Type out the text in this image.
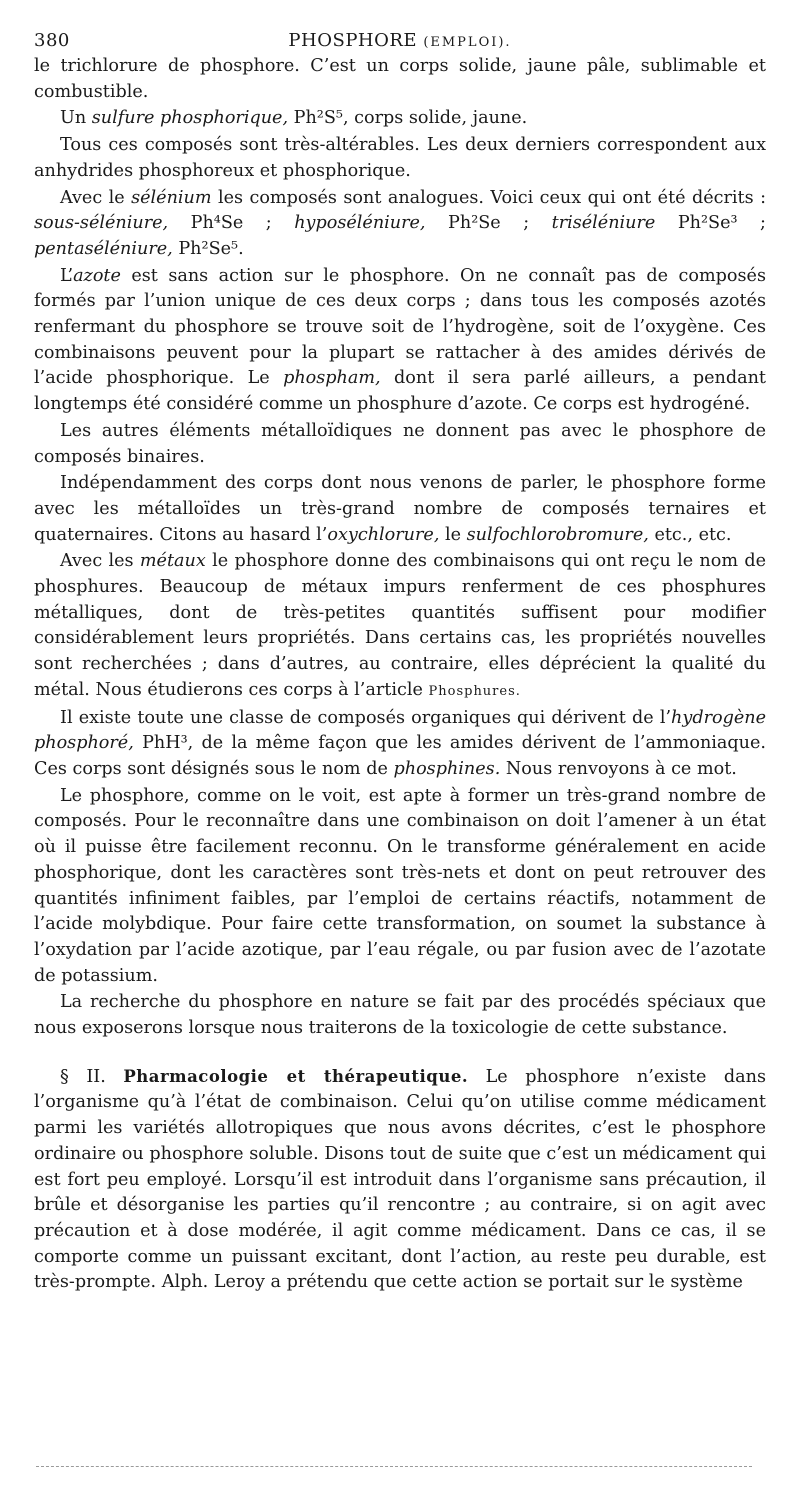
380	PHOSPHORE (EMPLOI).

le trichlorure de phosphore. C’est un corps solide, jaune pâle, sublimable et combustible.

Un sulfure phosphorique, Ph²S⁵, corps solide, jaune.

Tous ces composés sont très-altérables. Les deux derniers correspondent aux anhydrides phosphoreux et phosphorique.

Avec le sélénium les composés sont analogues. Voici ceux qui ont été décrits : sous-séléniure, Ph⁴Se ; hyposéléniure, Ph²Se ; triséléniure Ph²Se³ ; pentaséléniure, Ph²Se⁵.

L’azote est sans action sur le phosphore. On ne connaît pas de composés formés par l’union unique de ces deux corps ; dans tous les composés azotés renfermant du phosphore se trouve soit de l’hydrogène, soit de l’oxygène. Ces combinaisons peuvent pour la plupart se rattacher à des amides dérivés de l’acide phosphorique. Le phospham, dont il sera parlé ailleurs, a pendant longtemps été considéré comme un phosphure d’azote. Ce corps est hydrogéné.

Les autres éléments métalloïdiques ne donnent pas avec le phosphore de composés binaires.

Indépendamment des corps dont nous venons de parler, le phosphore forme avec les métalloïdes un très-grand nombre de composés ternaires et quaternaires. Citons au hasard l’oxychlorure, le sulfochlorobromure, etc., etc.

Avec les métaux le phosphore donne des combinaisons qui ont reçu le nom de phosphures. Beaucoup de métaux impurs renferment de ces phosphures métalliques, dont de très-petites quantités suffisent pour modifier considérablement leurs propriétés. Dans certains cas, les propriétés nouvelles sont recherchées ; dans d’autres, au contraire, elles déprécient la qualité du métal. Nous étudierons ces corps à l’article Phosphures.

Il existe toute une classe de composés organiques qui dérivent de l’hydrogène phosphoré, PhH³, de la même façon que les amides dérivent de l’ammoniaque. Ces corps sont désignés sous le nom de phosphines. Nous renvoyons à ce mot.

Le phosphore, comme on le voit, est apte à former un très-grand nombre de composés. Pour le reconnaître dans une combinaison on doit l’amener à un état où il puisse être facilement reconnu. On le transforme généralement en acide phosphorique, dont les caractères sont très-nets et dont on peut retrouver des quantités infiniment faibles, par l’emploi de certains réactifs, notamment de l’acide molybdique. Pour faire cette transformation, on soumet la substance à l’oxydation par l’acide azotique, par l’eau régale, ou par fusion avec de l’azotate de potassium.

La recherche du phosphore en nature se fait par des procédés spéciaux que nous exposerons lorsque nous traiterons de la toxicologie de cette substance.

§ II. Pharmacologie et thérapeutique. Le phosphore n’existe dans l’organisme qu’à l’état de combinaison. Celui qu’on utilise comme médicament parmi les variétés allotropiques que nous avons décrites, c’est le phosphore ordinaire ou phosphore soluble. Disons tout de suite que c’est un médicament qui est fort peu employé. Lorsqu’il est introduit dans l’organisme sans précaution, il brûle et désorganise les parties qu’il rencontre ; au contraire, si on agit avec précaution et à dose modérée, il agit comme médicament. Dans ce cas, il se comporte comme un puissant excitant, dont l’action, au reste peu durable, est très-prompte. Alph. Leroy a prétendu que cette action se portait sur le système
